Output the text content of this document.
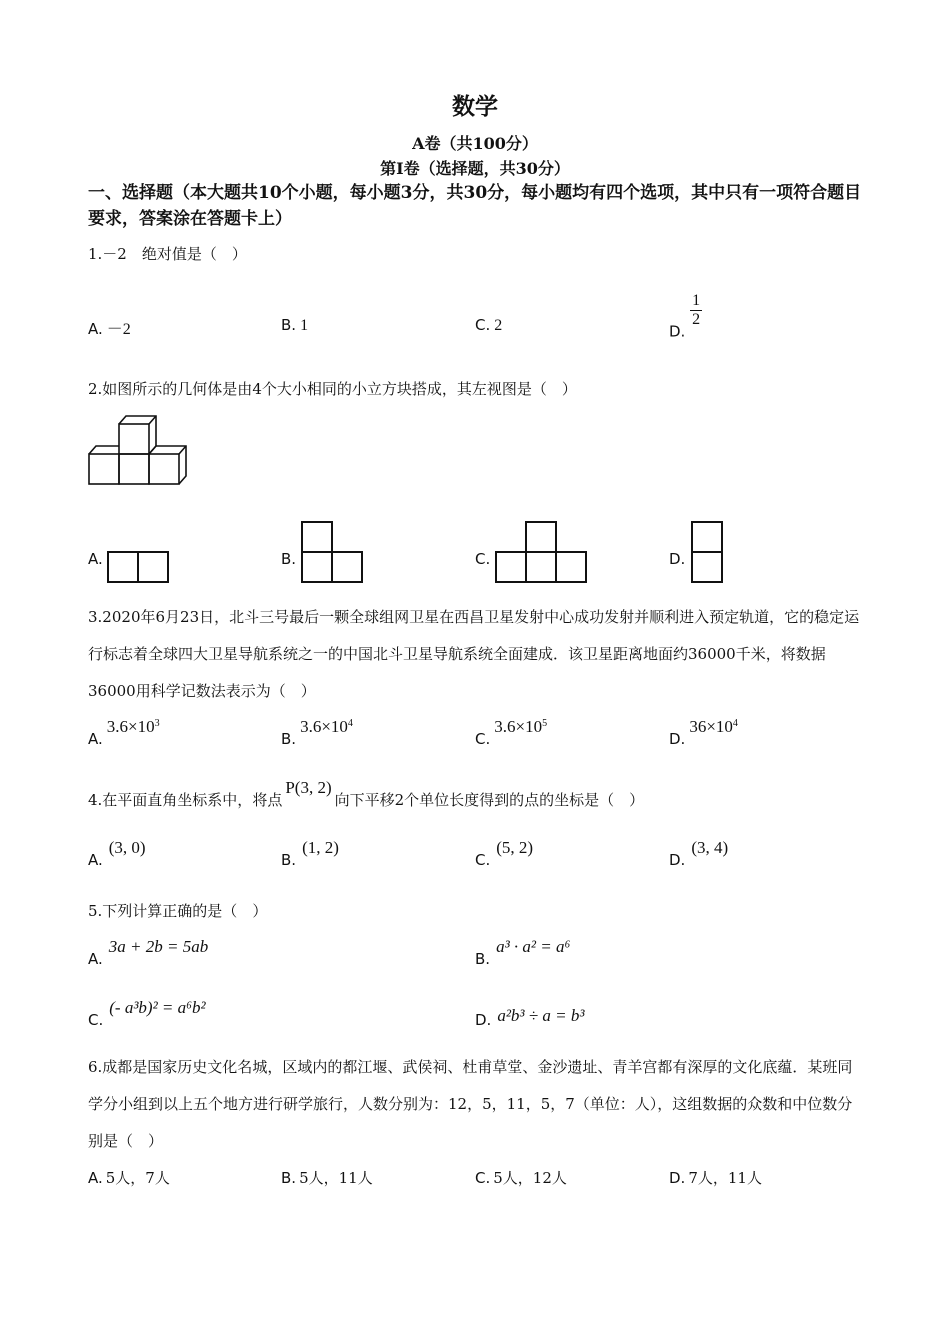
数学
A卷（共100分）
第Ⅰ卷（选择题，共30分）
一、选择题（本大题共10个小题，每小题3分，共30分，每小题均有四个选项，其中只有一项符合题目要求，答案涂在答题卡上）
1.－2　绝对值是（　）
A. －2	B. 1	C. 2	D.
$\frac{1}{2}$
2.如图所示的几何体是由4个大小相同的小立方块搭成，其左视图是（　）
A.	B.	C.	D.
3.2020年6月23日，北斗三号最后一颗全球组网卫星在西昌卫星发射中心成功发射并顺利进入预定轨道，它的稳定运行标志着全球四大卫星导航系统之一的中国北斗卫星导航系统全面建成．该卫星距离地面约36000千米，将数据36000用科学记数法表示为（　）
$A.3.6\times 10^3$
$B.3.6\times 10^4$
$C.3.6\times 10^5$
$D.36\times 10^4$
4.在平面直角坐标系中，将点P(3, 2)向下平移2个单位长度得到的点的坐标是（　）
A.(3, 0)
B.(1, 2)
C.(5, 2)
D.(3, 4)
5.下列计算正确的是（　）
A.3a + 2b = 5ab
B.a³ · a² = a⁶
C.(- a³b)² = a⁶b²
D. a²b³ ÷ a = b³
6.成都是国家历史文化名城，区域内的都江堰、武侯祠、杜甫草堂、金沙遗址、青羊宫都有深厚的文化底蕴．某班同学分小组到以上五个地方进行研学旅行，人数分别为：12，5，11，5，7（单位：人），这组数据的众数和中位数分别是（　）
A. 5人，7人	B. 5人，11人	C. 5人，12人	D. 7人，11人
